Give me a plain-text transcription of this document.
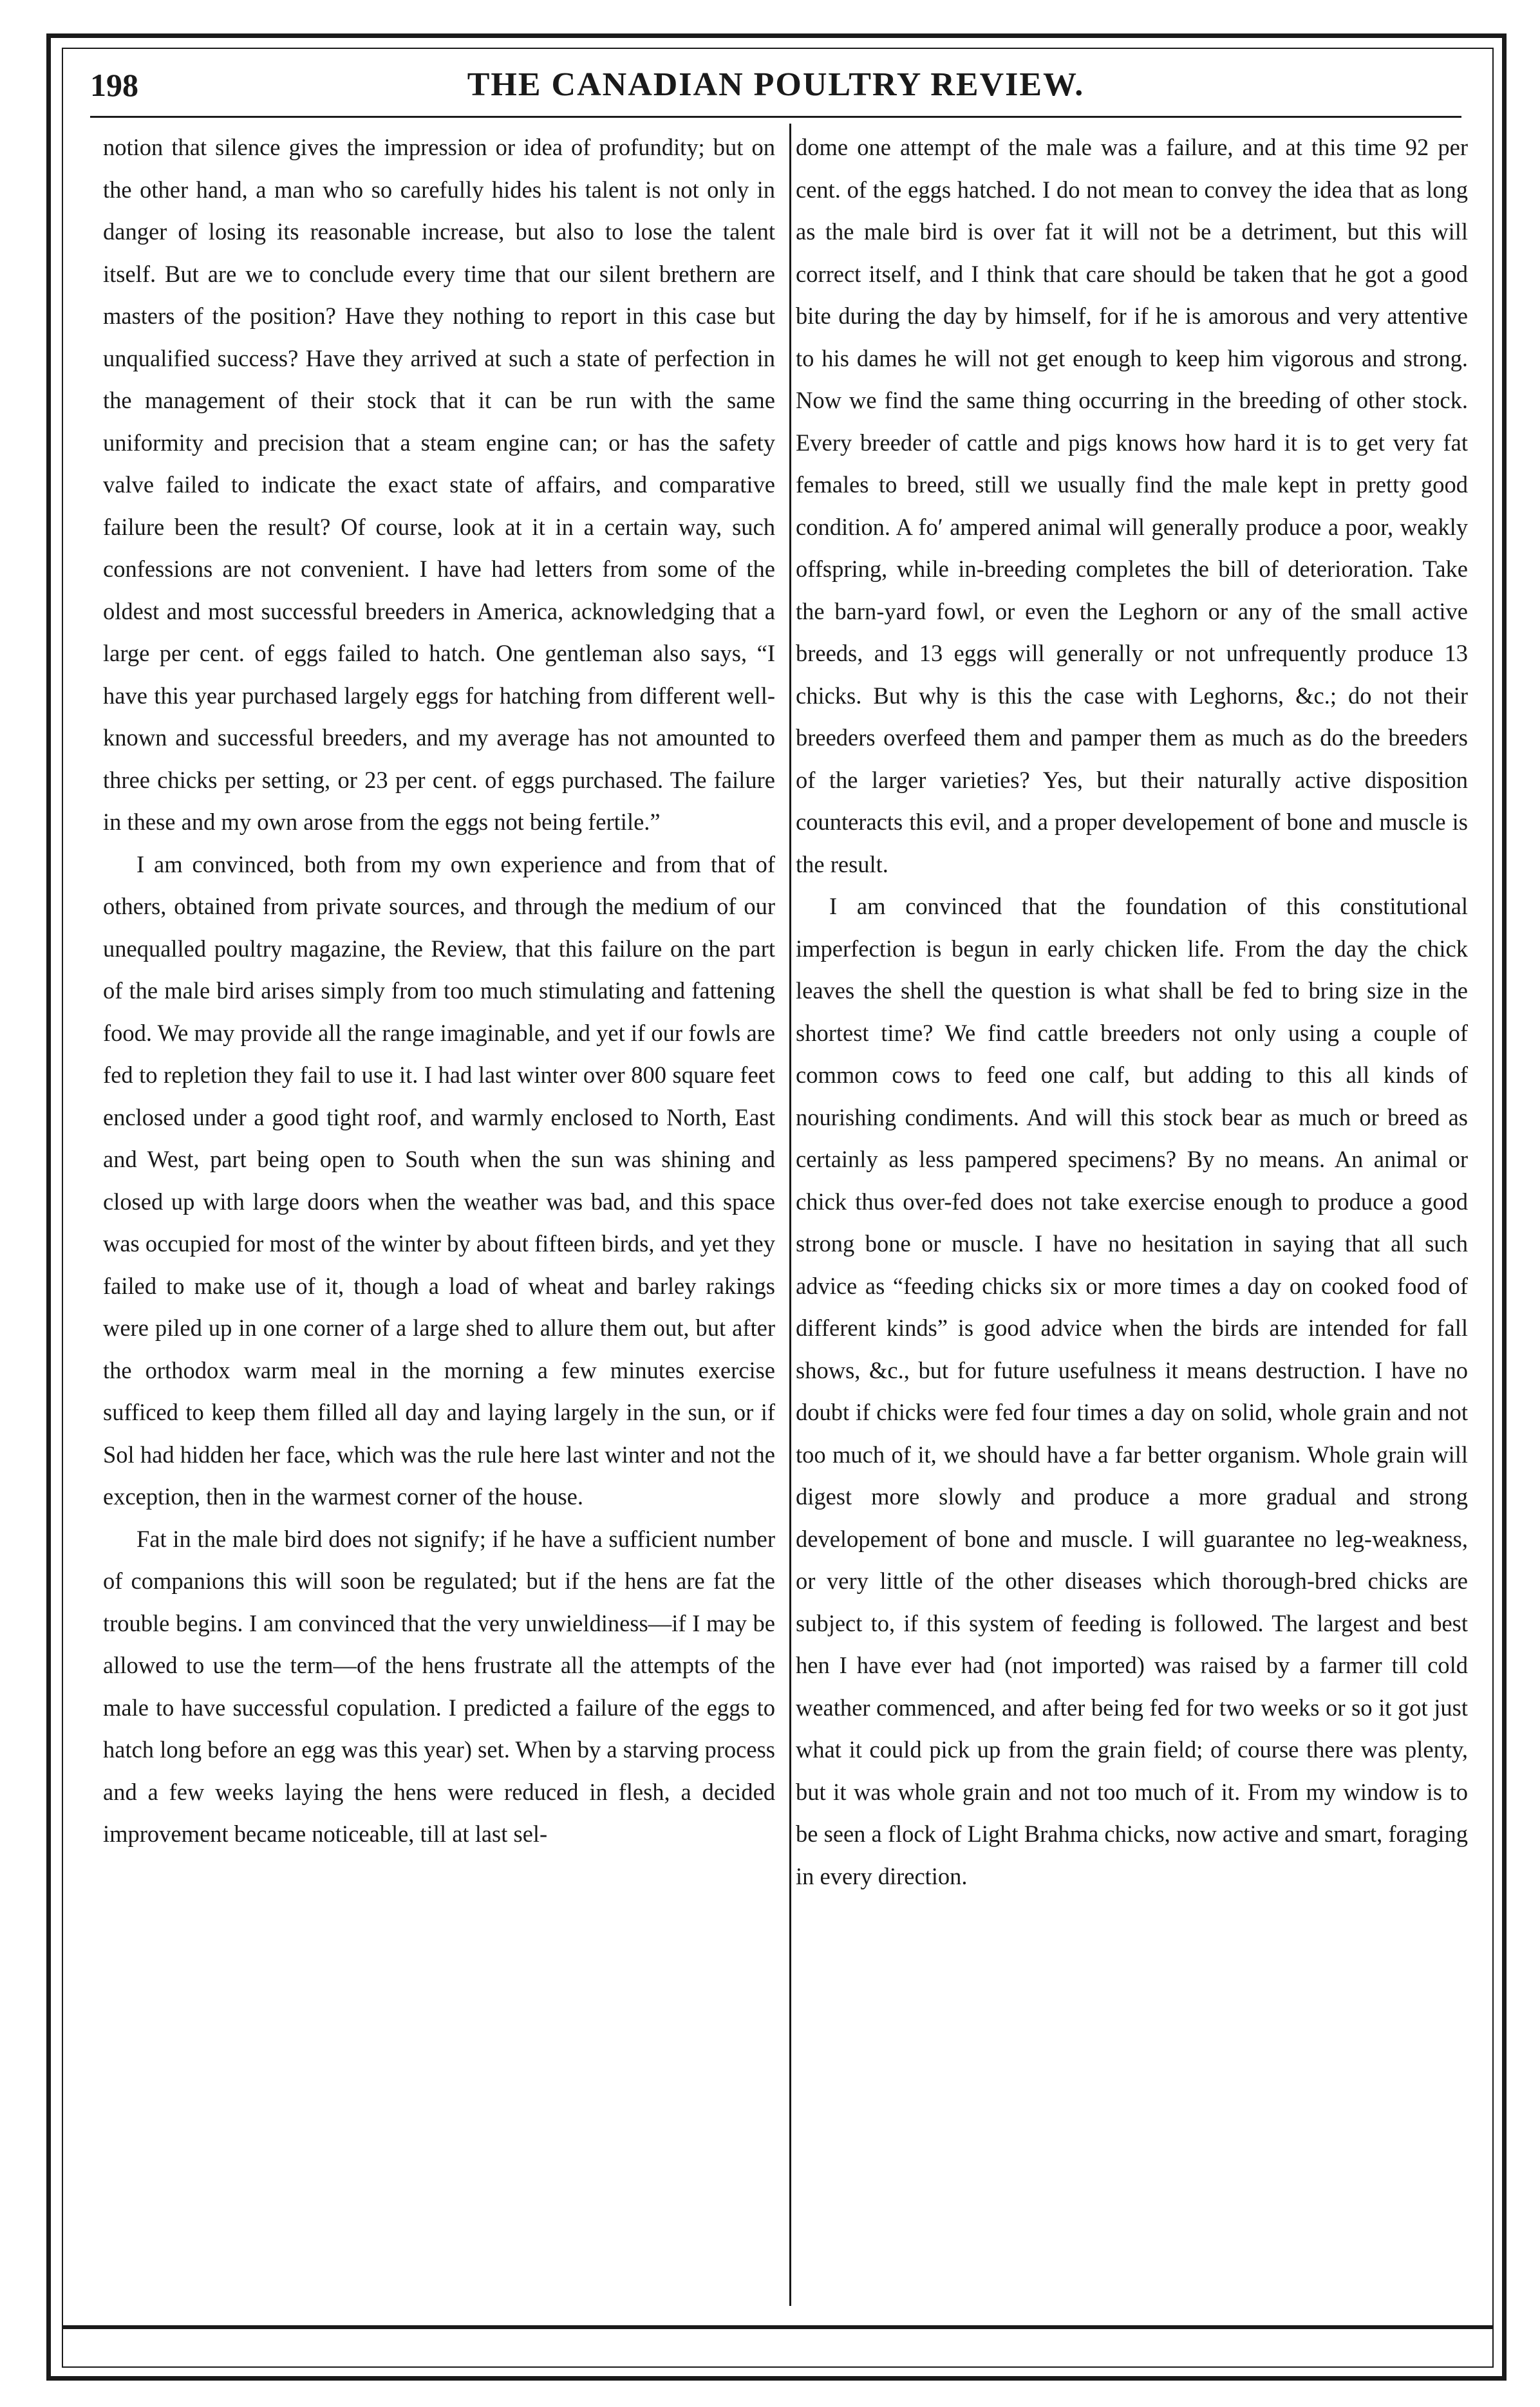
198	THE CANADIAN POULTRY REVIEW.

notion that silence gives the impression or idea of profundity; but on the other hand, a man who so carefully hides his talent is not only in danger of losing its reasonable increase, but also to lose the talent itself. But are we to conclude every time that our silent brethern are masters of the position? Have they nothing to report in this case but unqualified success? Have they arrived at such a state of perfection in the management of their stock that it can be run with the same uniformity and precision that a steam engine can; or has the safety valve failed to indicate the exact state of affairs, and comparative failure been the result? Of course, look at it in a certain way, such confessions are not convenient. I have had letters from some of the oldest and most successful breeders in America, acknowledging that a large per cent. of eggs failed to hatch. One gentleman also says, “I have this year purchased largely eggs for hatching from different well-known and successful breeders, and my average has not amounted to three chicks per setting, or 23 per cent. of eggs purchased. The failure in these and my own arose from the eggs not being fertile.”

I am convinced, both from my own experience and from that of others, obtained from private sources, and through the medium of our unequalled poultry magazine, the Review, that this failure on the part of the male bird arises simply from too much stimulating and fattening food. We may provide all the range imaginable, and yet if our fowls are fed to repletion they fail to use it. I had last winter over 800 square feet enclosed under a good tight roof, and warmly enclosed to North, East and West, part being open to South when the sun was shining and closed up with large doors when the weather was bad, and this space was occupied for most of the winter by about fifteen birds, and yet they failed to make use of it, though a load of wheat and barley rakings were piled up in one corner of a large shed to allure them out, but after the orthodox warm meal in the morning a few minutes exercise sufficed to keep them filled all day and laying largely in the sun, or if Sol had hidden her face, which was the rule here last winter and not the exception, then in the warmest corner of the house.

Fat in the male bird does not signify; if he have a sufficient number of companions this will soon be regulated; but if the hens are fat the trouble begins. I am convinced that the very unwieldiness—if I may be allowed to use the term—of the hens frustrate all the attempts of the male to have successful copulation. I predicted a failure of the eggs to hatch long before an egg was this year) set. When by a starving process and a few weeks laying the hens were reduced in flesh, a decided improvement became noticeable, till at last sel-

dome one attempt of the male was a failure, and at this time 92 per cent. of the eggs hatched. I do not mean to convey the idea that as long as the male bird is over fat it will not be a detriment, but this will correct itself, and I think that care should be taken that he got a good bite during the day by himself, for if he is amorous and very attentive to his dames he will not get enough to keep him vigorous and strong. Now we find the same thing occurring in the breeding of other stock. Every breeder of cattle and pigs knows how hard it is to get very fat females to breed, still we usually find the male kept in pretty good condition. A fo′ ampered animal will generally produce a poor, weakly offspring, while in-breeding completes the bill of deterioration. Take the barn-yard fowl, or even the Leghorn or any of the small active breeds, and 13 eggs will generally or not unfrequently produce 13 chicks. But why is this the case with Leghorns, &c.; do not their breeders overfeed them and pamper them as much as do the breeders of the larger varieties? Yes, but their naturally active disposition counteracts this evil, and a proper developement of bone and muscle is the result.

I am convinced that the foundation of this constitutional imperfection is begun in early chicken life. From the day the chick leaves the shell the question is what shall be fed to bring size in the shortest time? We find cattle breeders not only using a couple of common cows to feed one calf, but adding to this all kinds of nourishing condiments. And will this stock bear as much or breed as certainly as less pampered specimens? By no means. An animal or chick thus over-fed does not take exercise enough to produce a good strong bone or muscle. I have no hesitation in saying that all such advice as “feeding chicks six or more times a day on cooked food of different kinds” is good advice when the birds are intended for fall shows, &c., but for future usefulness it means destruction. I have no doubt if chicks were fed four times a day on solid, whole grain and not too much of it, we should have a far better organism. Whole grain will digest more slowly and produce a more gradual and strong developement of bone and muscle. I will guarantee no leg-weakness, or very little of the other diseases which thorough-bred chicks are subject to, if this system of feeding is followed. The largest and best hen I have ever had (not imported) was raised by a farmer till cold weather commenced, and after being fed for two weeks or so it got just what it could pick up from the grain field; of course there was plenty, but it was whole grain and not too much of it. From my window is to be seen a flock of Light Brahma chicks, now active and smart, foraging in every direction.
